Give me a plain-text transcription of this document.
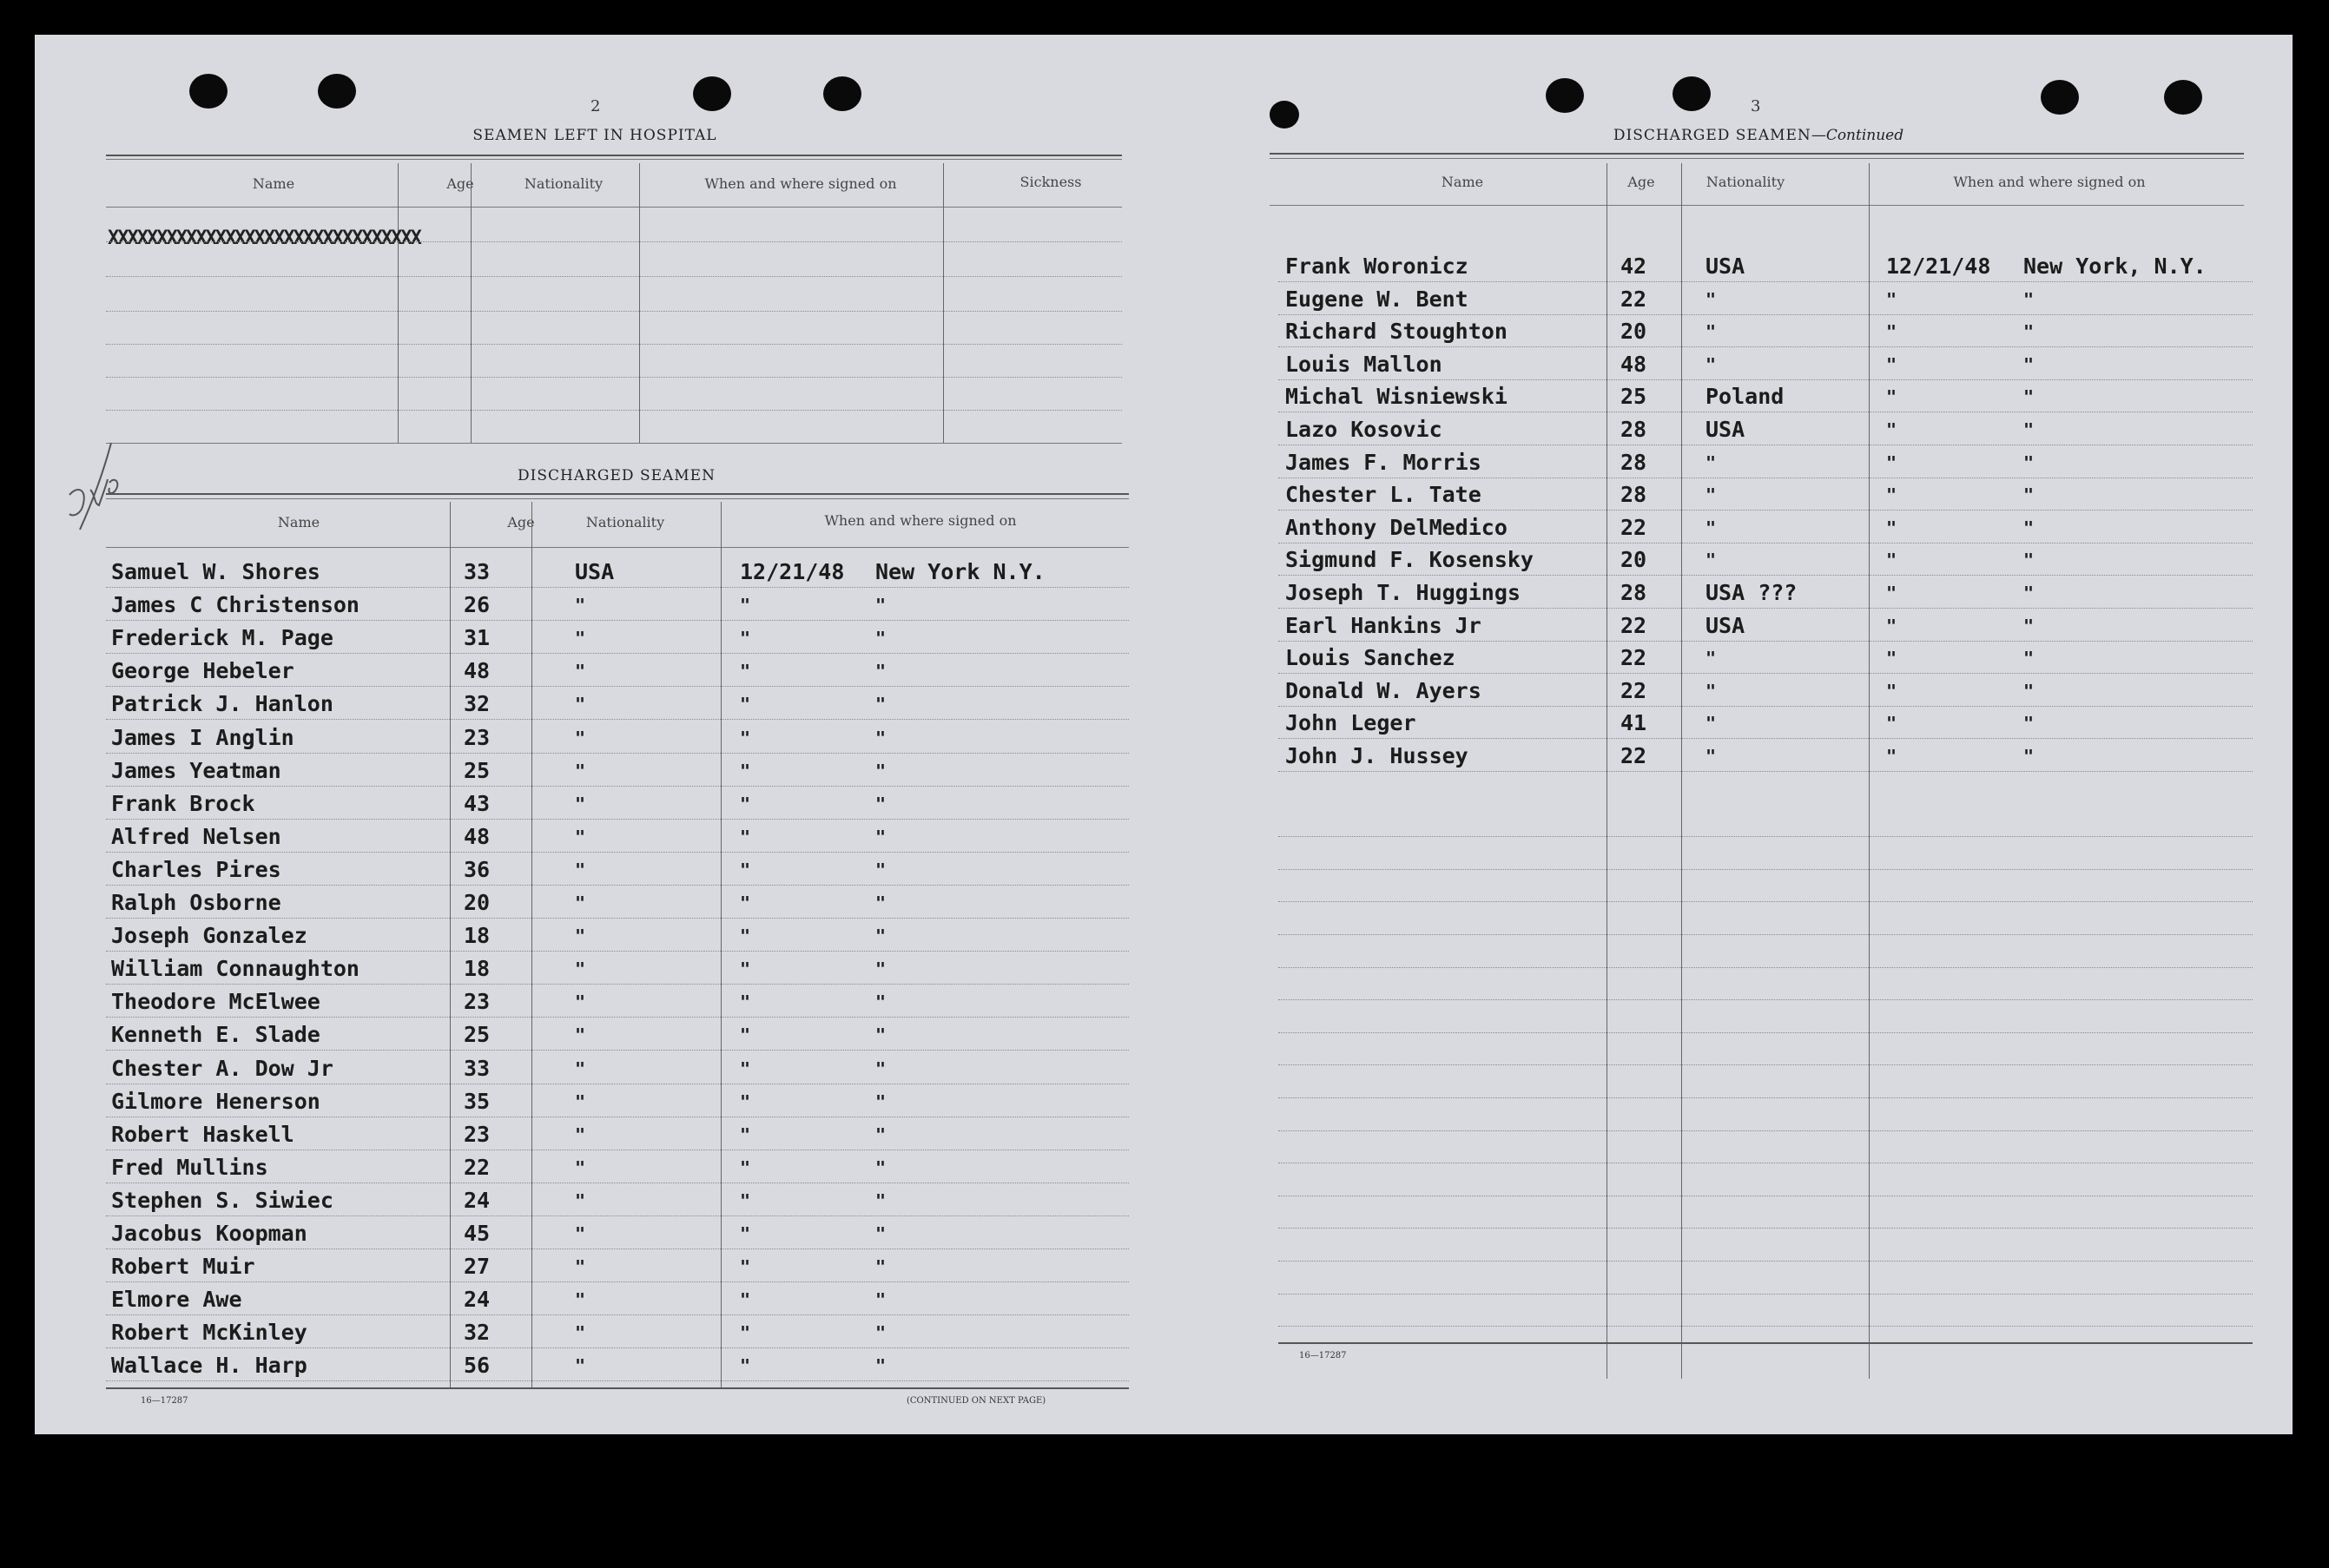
2
SEAMEN LEFT IN HOSPITAL
Name	Age	Nationality	When and where signed on	Sickness
XXXXXXXXXXXXXXXXXXXXXXXXXXXXXXXX
DISCHARGED SEAMEN
Name	Age	Nationality	When and where signed on
Samuel W. Shores	33	USA	12/21/48 New York N.Y.
James C Christenson	26	"	"	"
Frederick M. Page	31	"	"	"
George Hebeler	48	"	"	"
Patrick J. Hanlon	32	"	"	"
James I Anglin	23	"	"	"
James Yeatman	25	"	"	"
Frank Brock	43	"	"	"
Alfred Nelsen	48	"	"	"
Charles Pires	36	"	"	"
Ralph Osborne	20	"	"	"
Joseph Gonzalez	18	"	"	"
William Connaughton	18	"	"	"
Theodore McElwee	23	"	"	"
Kenneth E. Slade	25	"	"	"
Chester A. Dow Jr	33	"	"	"
Gilmore Henerson	35	"	"	"
Robert Haskell	23	"	"	"
Fred Mullins	22	"	"	"
Stephen S. Siwiec	24	"	"	"
Jacobus Koopman	45	"	"	"
Robert Muir	27	"	"	"
Elmore Awe	24	"	"	"
Robert McKinley	32	"	"	"
Wallace H. Harp	56	"	"	"
16—17287	(CONTINUED ON NEXT PAGE)
3
DISCHARGED SEAMEN—Continued
Name	Age	Nationality	When and where signed on
Frank Woronicz	42	USA	12/21/48 New York, N.Y.
Eugene W. Bent	22	"	"	"
Richard Stoughton	20	"	"	"
Louis Mallon	48	"	"	"
Michal Wisniewski	25	Poland	"	"
Lazo Kosovic	28	USA	"	"
James F. Morris	28	"	"	"
Chester L. Tate	28	"	"	"
Anthony DelMedico	22	"	"	"
Sigmund F. Kosensky	20	"	"	"
Joseph T. Huggings	28	USA ???	"	"
Earl Hankins Jr	22	USA	"	"
Louis Sanchez	22	"	"	"
Donald W. Ayers	22	"	"	"
John Leger	41	"	"	"
John J. Hussey	22	"	"	"
16—17287
